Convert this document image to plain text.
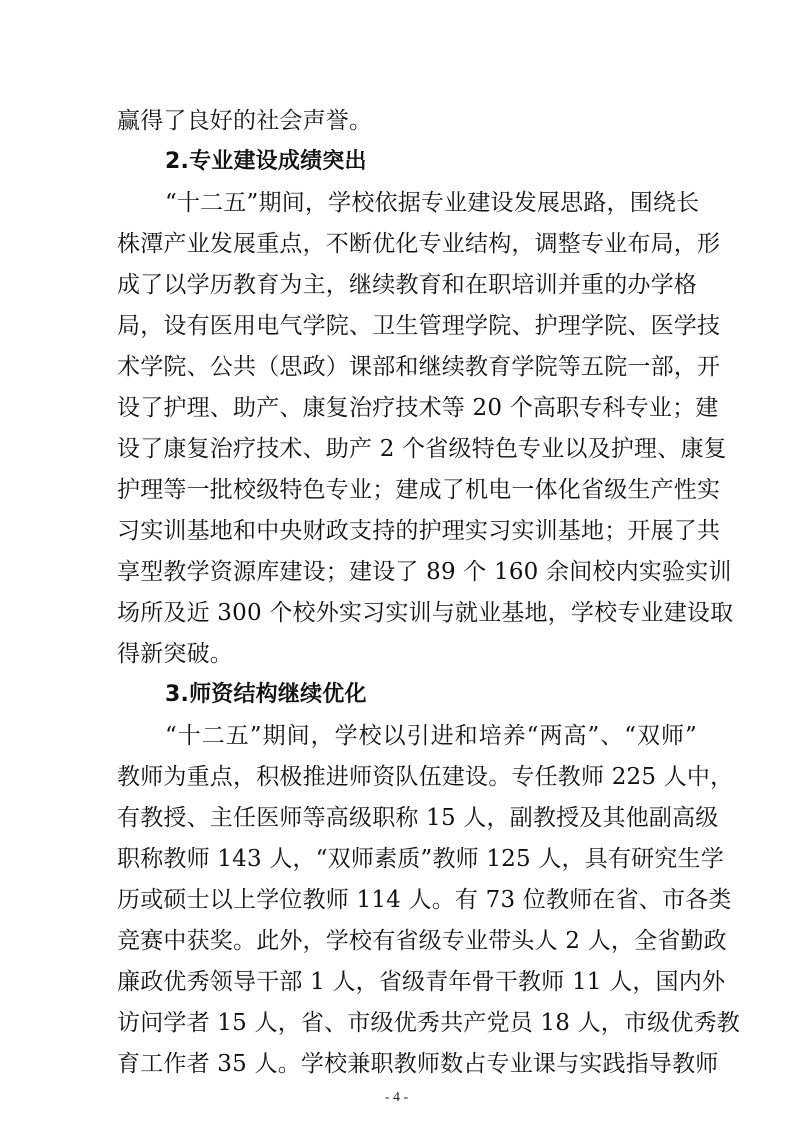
赢得了良好的社会声誉。
2.专业建设成绩突出
“十二五”期间，学校依据专业建设发展思路，围绕长
株潭产业发展重点，不断优化专业结构，调整专业布局，形
成了以学历教育为主，继续教育和在职培训并重的办学格
局，设有医用电气学院、卫生管理学院、护理学院、医学技
术学院、公共（思政）课部和继续教育学院等五院一部，开
设了护理、助产、康复治疗技术等 20 个高职专科专业；建
设了康复治疗技术、助产 2 个省级特色专业以及护理、康复
护理等一批校级特色专业；建成了机电一体化省级生产性实
习实训基地和中央财政支持的护理实习实训基地；开展了共
享型教学资源库建设；建设了 89 个 160 余间校内实验实训
场所及近 300 个校外实习实训与就业基地，学校专业建设取
得新突破。
3.师资结构继续优化
“十二五”期间，学校以引进和培养“两高”、“双师”
教师为重点，积极推进师资队伍建设。专任教师 225 人中，
有教授、主任医师等高级职称 15 人，副教授及其他副高级
职称教师 143 人，“双师素质”教师 125 人，具有研究生学
历或硕士以上学位教师 114 人。有 73 位教师在省、市各类
竞赛中获奖。此外，学校有省级专业带头人 2 人，全省勤政
廉政优秀领导干部 1 人，省级青年骨干教师 11 人，国内外
访问学者 15 人，省、市级优秀共产党员 18 人，市级优秀教
育工作者 35 人。学校兼职教师数占专业课与实践指导教师
- 4 -
